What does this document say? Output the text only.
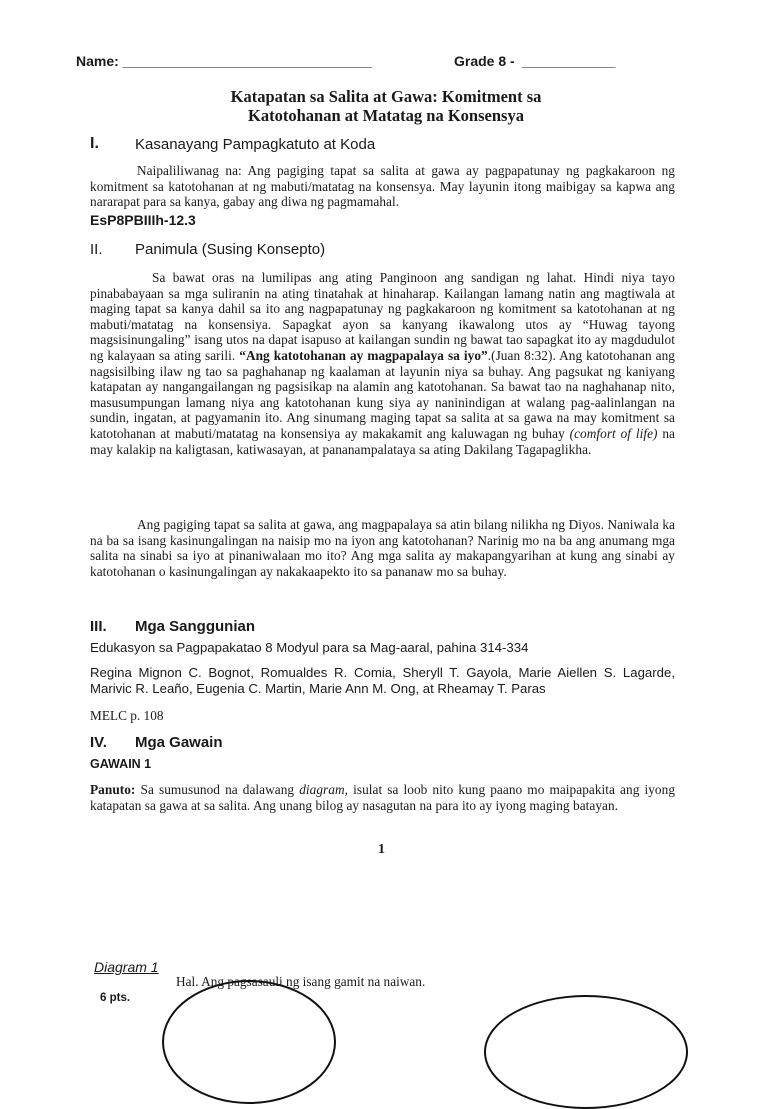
Name: ________________________________	Grade 8 - ____________
Katapatan sa Salita at Gawa: Komitment sa
Katotohanan at Matatag na Konsensya
I. Kasanayang Pampagkatuto at Koda
Naipaliliwanag na: Ang pagiging tapat sa salita at gawa ay pagpapatunay ng pagkakaroon ng komitment sa katotohanan at ng mabuti/matatag na konsensya. May layunin itong maibigay sa kapwa ang nararapat para sa kanya, gabay ang diwa ng pagmamahal.
EsP8PBIIIh-12.3
II. Panimula (Susing Konsepto)
Sa bawat oras na lumilipas ang ating Panginoon ang sandigan ng lahat. Hindi niya tayo pinababayaan sa mga suliranin na ating tinatahak at hinaharap. Kailangan lamang natin ang magtiwala at maging tapat sa kanya dahil sa ito ang nagpapatunay ng pagkakaroon ng komitment sa katotohanan at ng mabuti/matatag na konsensiya. Sapagkat ayon sa kanyang ikawalong utos ay “Huwag tayong magsisinungaling” isang utos na dapat isapuso at kailangan sundin ng bawat tao sapagkat ito ay magdudulot ng kalayaan sa ating sarili. “Ang katotohanan ay magpapalaya sa iyo”.(Juan 8:32). Ang katotohanan ang nagsisilbing ilaw ng tao sa paghahanap ng kaalaman at layunin niya sa buhay. Ang pagsukat ng kaniyang katapatan ay nangangailangan ng pagsisikap na alamin ang katotohanan. Sa bawat tao na naghahanap nito, masusumpungan lamang niya ang katotohanan kung siya ay naninindigan at walang pag-aalinlangan na sundin, ingatan, at pagyamanin ito. Ang sinumang maging tapat sa salita at sa gawa na may komitment sa katotohanan at mabuti/matatag na konsensiya ay makakamit ang kaluwagan ng buhay (comfort of life) na may kalakip na kaligtasan, katiwasayan, at pananampalataya sa ating Dakilang Tagapaglikha.
Ang pagiging tapat sa salita at gawa, ang magpapalaya sa atin bilang nilikha ng Diyos. Naniwala ka na ba sa isang kasinungalingan na naisip mo na iyon ang katotohanan? Narinig mo na ba ang anumang mga salita na sinabi sa iyo at pinaniwalaan mo ito? Ang mga salita ay makapangyarihan at kung ang sinabi ay katotohanan o kasinungalingan ay nakakaapekto ito sa pananaw mo sa buhay.
III. Mga Sanggunian
Edukasyon sa Pagpapakatao 8 Modyul para sa Mag-aaral, pahina 314-334
Regina Mignon C. Bognot, Romualdes R. Comia, Sheryll T. Gayola, Marie Aiellen S. Lagarde, Marivic R. Leaño, Eugenia C. Martin, Marie Ann M. Ong, at Rheamay T. Paras
MELC p. 108
IV. Mga Gawain
GAWAIN 1
Panuto: Sa sumusunod na dalawang diagram, isulat sa loob nito kung paano mo maipapakita ang iyong katapatan sa gawa at sa salita. Ang unang bilog ay nasagutan na para ito ay iyong maging batayan.
1
Diagram 1
6 pts.
Hal. Ang pagsasauli ng isang gamit na naiwan.
